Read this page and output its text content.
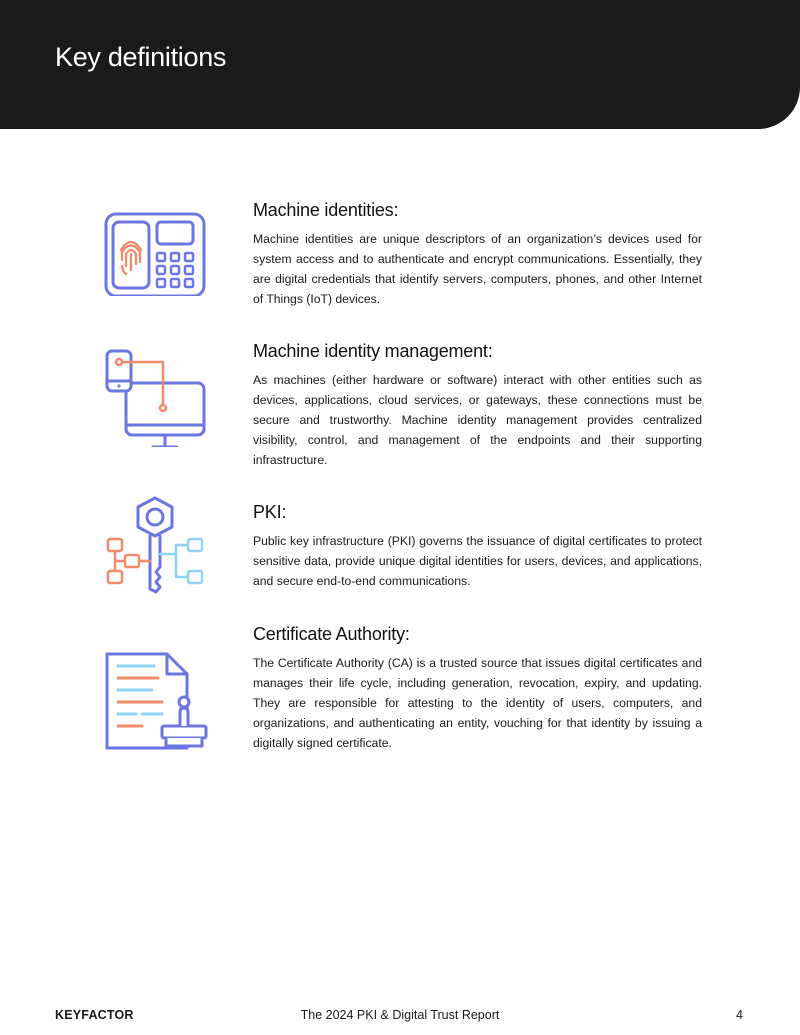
Key definitions
Machine identities:

Machine identities are unique descriptors of an organization’s devices used for system access and to authenticate and encrypt communications. Essentially, they are digital credentials that identify servers, computers, phones, and other Internet of Things (IoT) devices.

Machine identity management:

As machines (either hardware or software) interact with other entities such as devices, applications, cloud services, or gateways, these connections must be secure and trustworthy. Machine identity management provides centralized visibility, control, and management of the endpoints and their supporting infrastructure.

PKI:

Public key infrastructure (PKI) governs the issuance of digital certificates to protect sensitive data, provide unique digital identities for users, devices, and applications, and secure end-to-end communications.

Certificate Authority:

The Certificate Authority (CA) is a trusted source that issues digital certificates and manages their life cycle, including generation, revocation, expiry, and updating. They are responsible for attesting to the identity of users, computers, and organizations, and authenticating an entity, vouching for that identity by issuing a digitally signed certificate.

KEYFACTOR	The 2024 PKI & Digital Trust Report	4
